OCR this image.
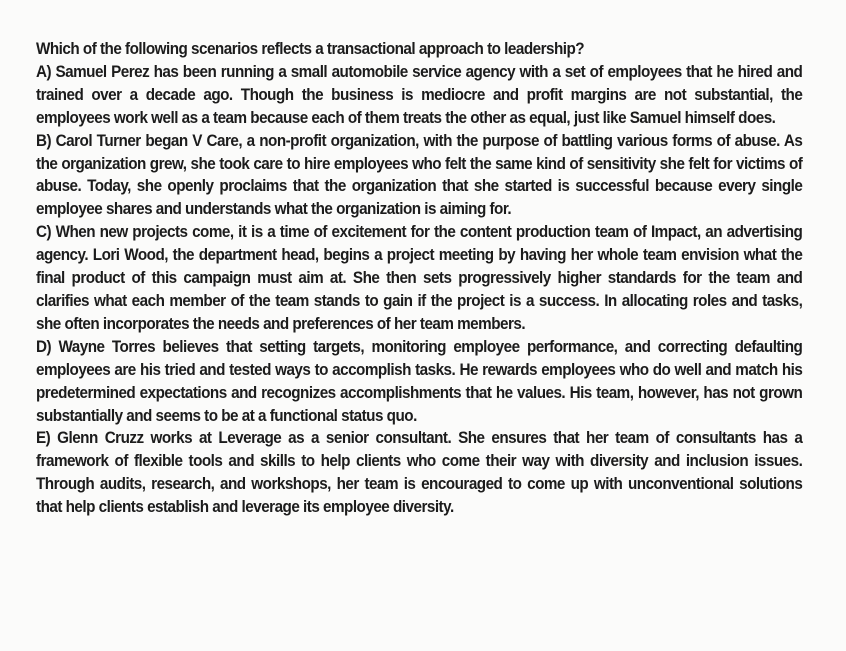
Which of the following scenarios reflects a transactional approach to leadership?

A) Samuel Perez has been running a small automobile service agency with a set of employees that he hired and trained over a decade ago. Though the business is mediocre and profit margins are not substantial, the employees work well as a team because each of them treats the other as equal, just like Samuel himself does.

B) Carol Turner began V Care, a non-profit organization, with the purpose of battling various forms of abuse. As the organization grew, she took care to hire employees who felt the same kind of sensitivity she felt for victims of abuse. Today, she openly proclaims that the organization that she started is successful because every single employee shares and understands what the organization is aiming for.

C) When new projects come, it is a time of excitement for the content production team of Impact, an advertising agency. Lori Wood, the department head, begins a project meeting by having her whole team envision what the final product of this campaign must aim at. She then sets progressively higher standards for the team and clarifies what each member of the team stands to gain if the project is a success. In allocating roles and tasks, she often incorporates the needs and preferences of her team members.

D) Wayne Torres believes that setting targets, monitoring employee performance, and correcting defaulting employees are his tried and tested ways to accomplish tasks. He rewards employees who do well and match his predetermined expectations and recognizes accomplishments that he values. His team, however, has not grown substantially and seems to be at a functional status quo.

E) Glenn Cruzz works at Leverage as a senior consultant. She ensures that her team of consultants has a framework of flexible tools and skills to help clients who come their way with diversity and inclusion issues. Through audits, research, and workshops, her team is encouraged to come up with unconventional solutions that help clients establish and leverage its employee diversity.
